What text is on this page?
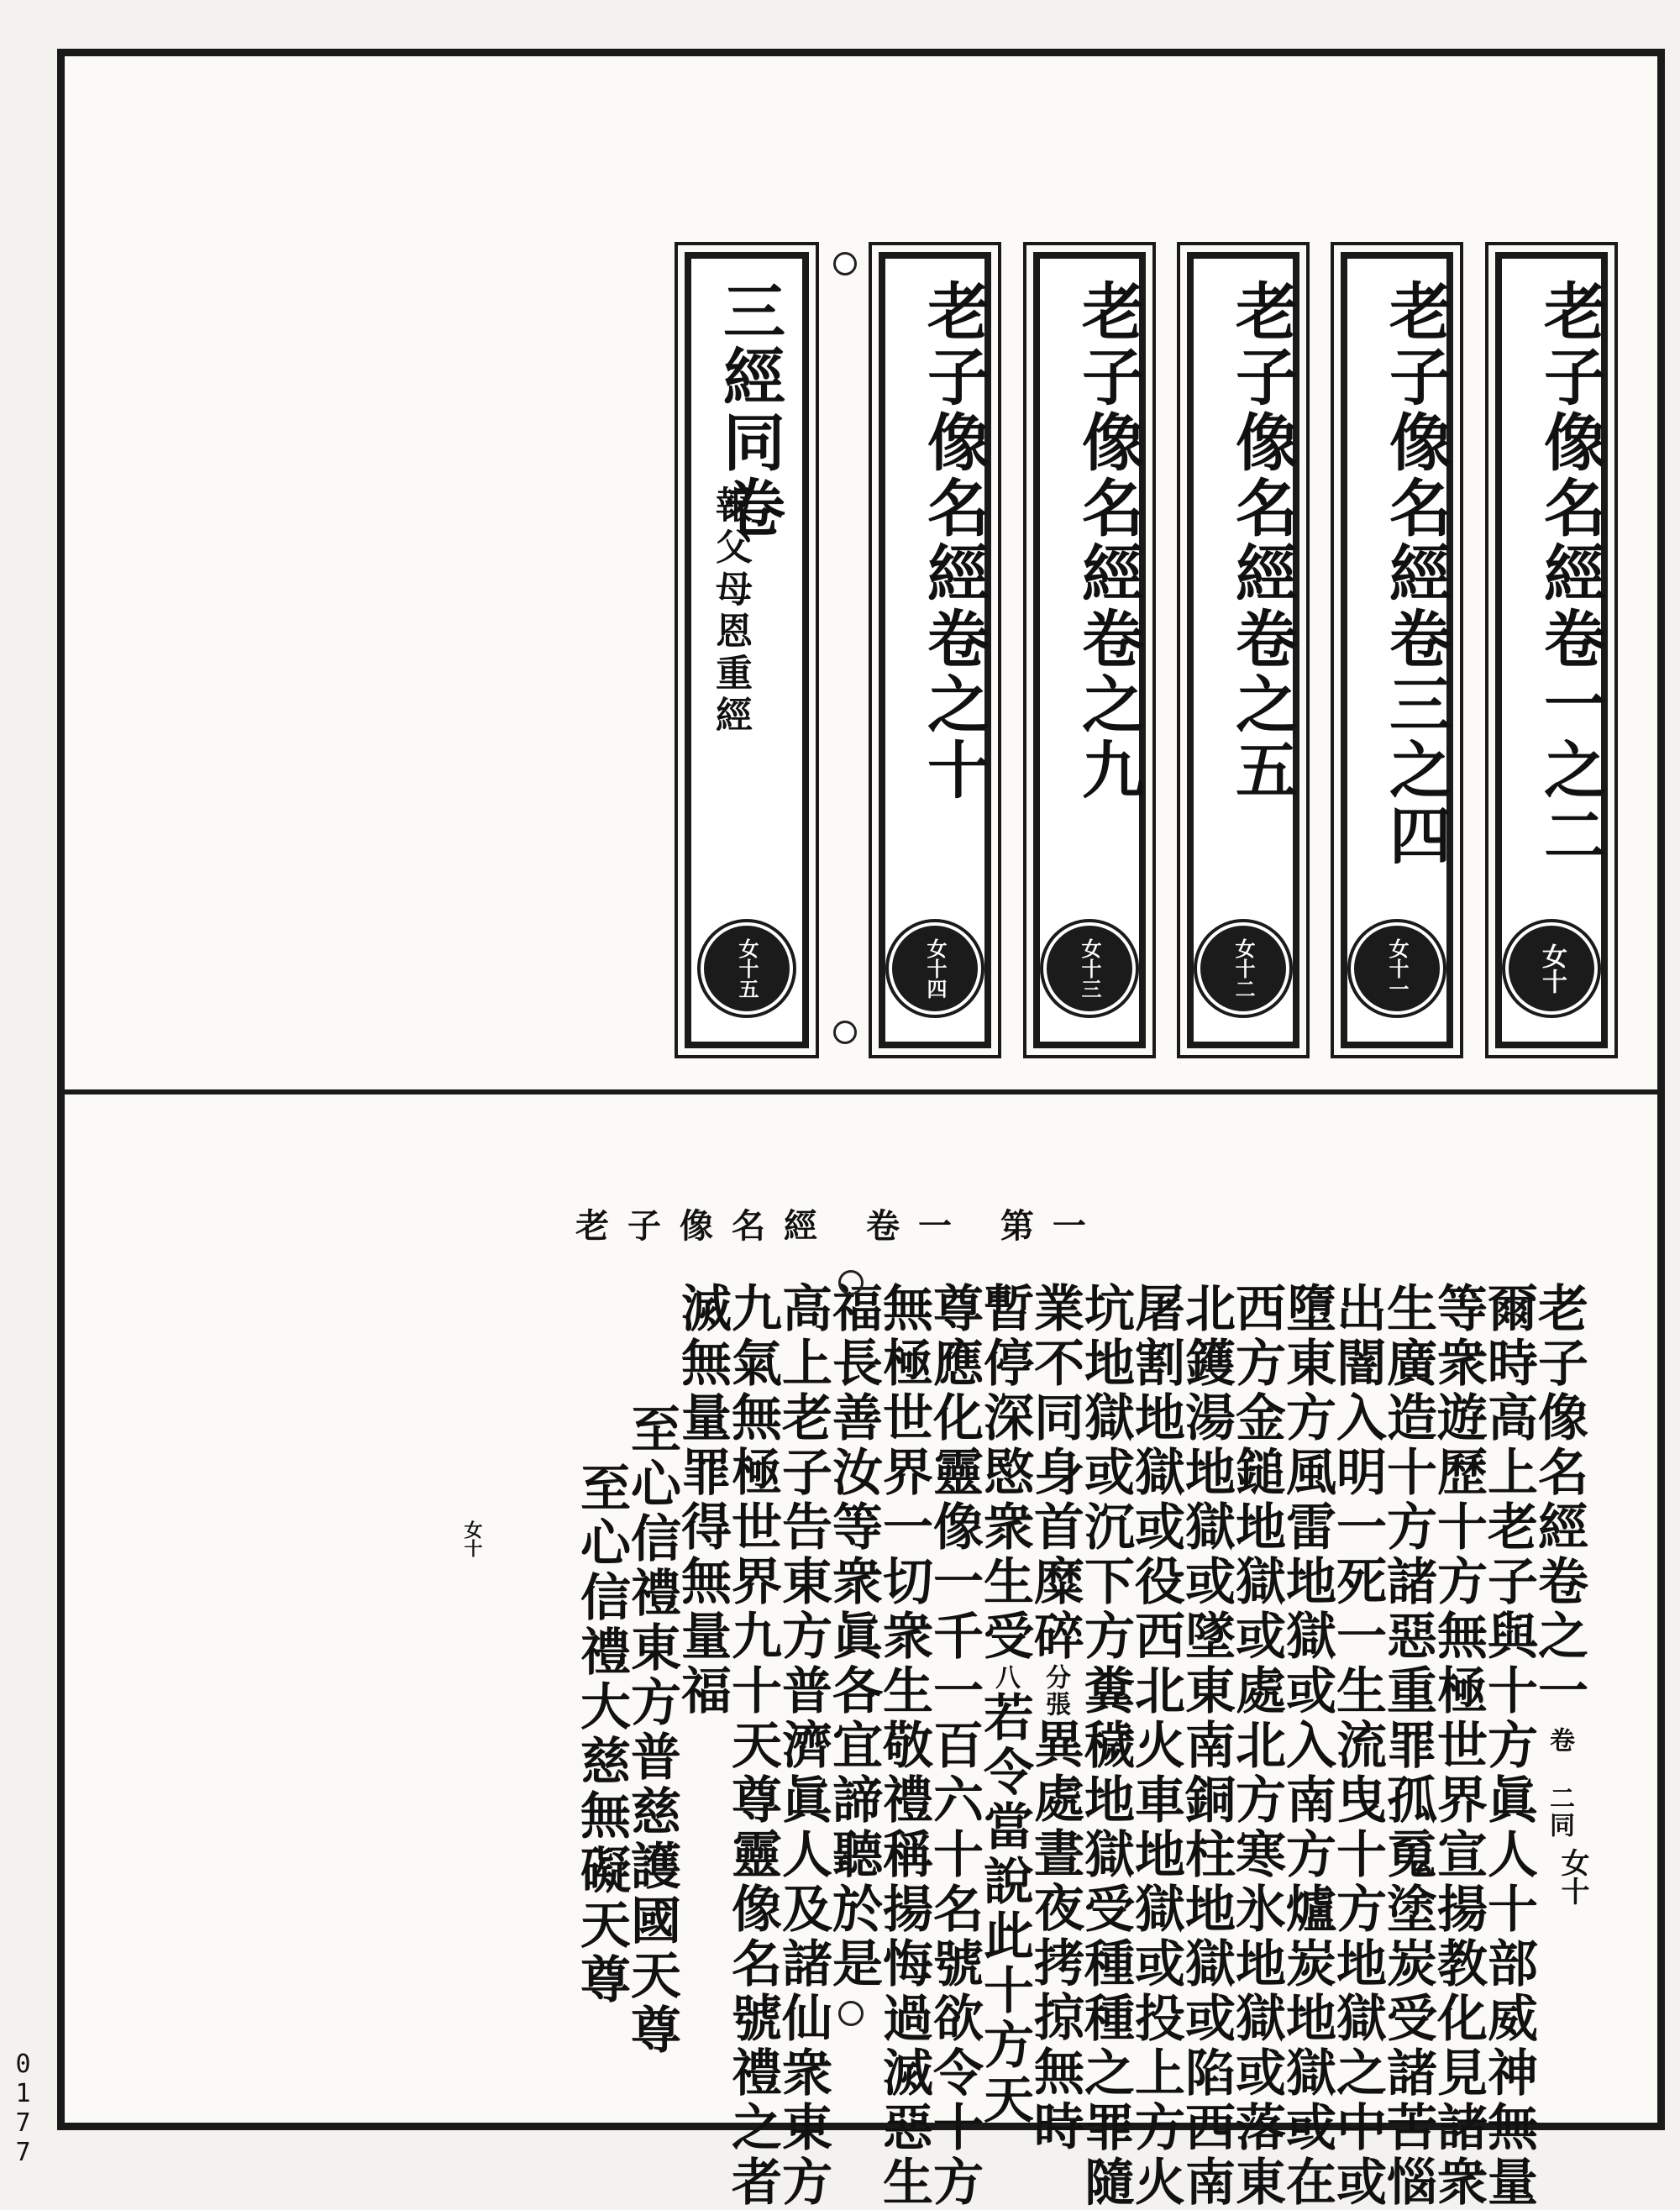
老子像名經卷一之二
女十
老子像名經卷三之四
女十一
老子像名經卷之五
女十二
老子像名經卷之九
女十三
老子像名經卷之十
女十四
三經同卷
報父母恩重經
女十五
老子像名經 卷一 第一
老子像名經卷之一卷 二同
爾時高上老子與十方眞人十部威神無量
等衆遊歷十方無極世界宣揚教化見諸衆
生廣造十方諸惡重罪孤䰟塗炭受諸苦惱
出闇入明一死一生流曳十方地獄之中或
墮東方風雷地獄或入南方爐炭地獄或在
西方金鎚地獄或處北方寒氷地獄或落東
北鑊湯地獄或墜東南銅柱地獄或陷西南
屠割地獄或役西北火車地獄或投上方火
坑地獄或沉下方糞穢地獄受種種之罪隨
業不同身首糜碎分張異處晝夜拷掠無時
暫停深愍衆生受八若令當說此十方天
尊應化靈像一千一百六十名號欲令十方
無極世界一切衆生敬禮稱揚悔過滅惡生
福長善汝等衆眞各宜諦聽於是
高上老子告東方普濟眞人及諸仙衆東方
九氣無極世界九十天尊靈像名號禮之者
滅無量罪得無量福
至心信禮東方普慈護國天尊
至心信禮大慈無礙天尊	女十
女十
0177
